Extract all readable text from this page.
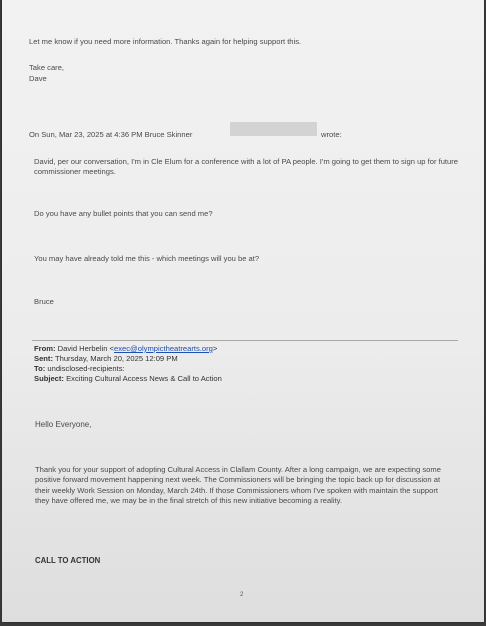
Let me know if you need more information. Thanks again for helping support this.

Take care,

Dave

On Sun, Mar 23, 2025 at 4:36 PM Bruce Skinner	wrote:

David, per our conversation, I'm in Cle Elum for a conference with a lot of PA people. I'm going to get them to sign up for future commissioner meetings.

Do you have any bullet points that you can send me?

You may have already told me this - which meetings will you be at?

Bruce

From: David Herbelin <exec@olympictheatrearts.org>

Sent: Thursday, March 20, 2025 12:09 PM

To: undisclosed-recipients:

Subject: Exciting Cultural Access News & Call to Action

Hello Everyone,

Thank you for your support of adopting Cultural Access in Clallam County. After a long campaign, we are expecting some positive forward movement happening next week. The Commissioners will be bringing the topic back up for discussion at their weekly Work Session on Monday, March 24th. If those Commissioners whom I've spoken with maintain the support they have offered me, we may be in the final stretch of this new initiative becoming a reality.

CALL TO ACTION

2
